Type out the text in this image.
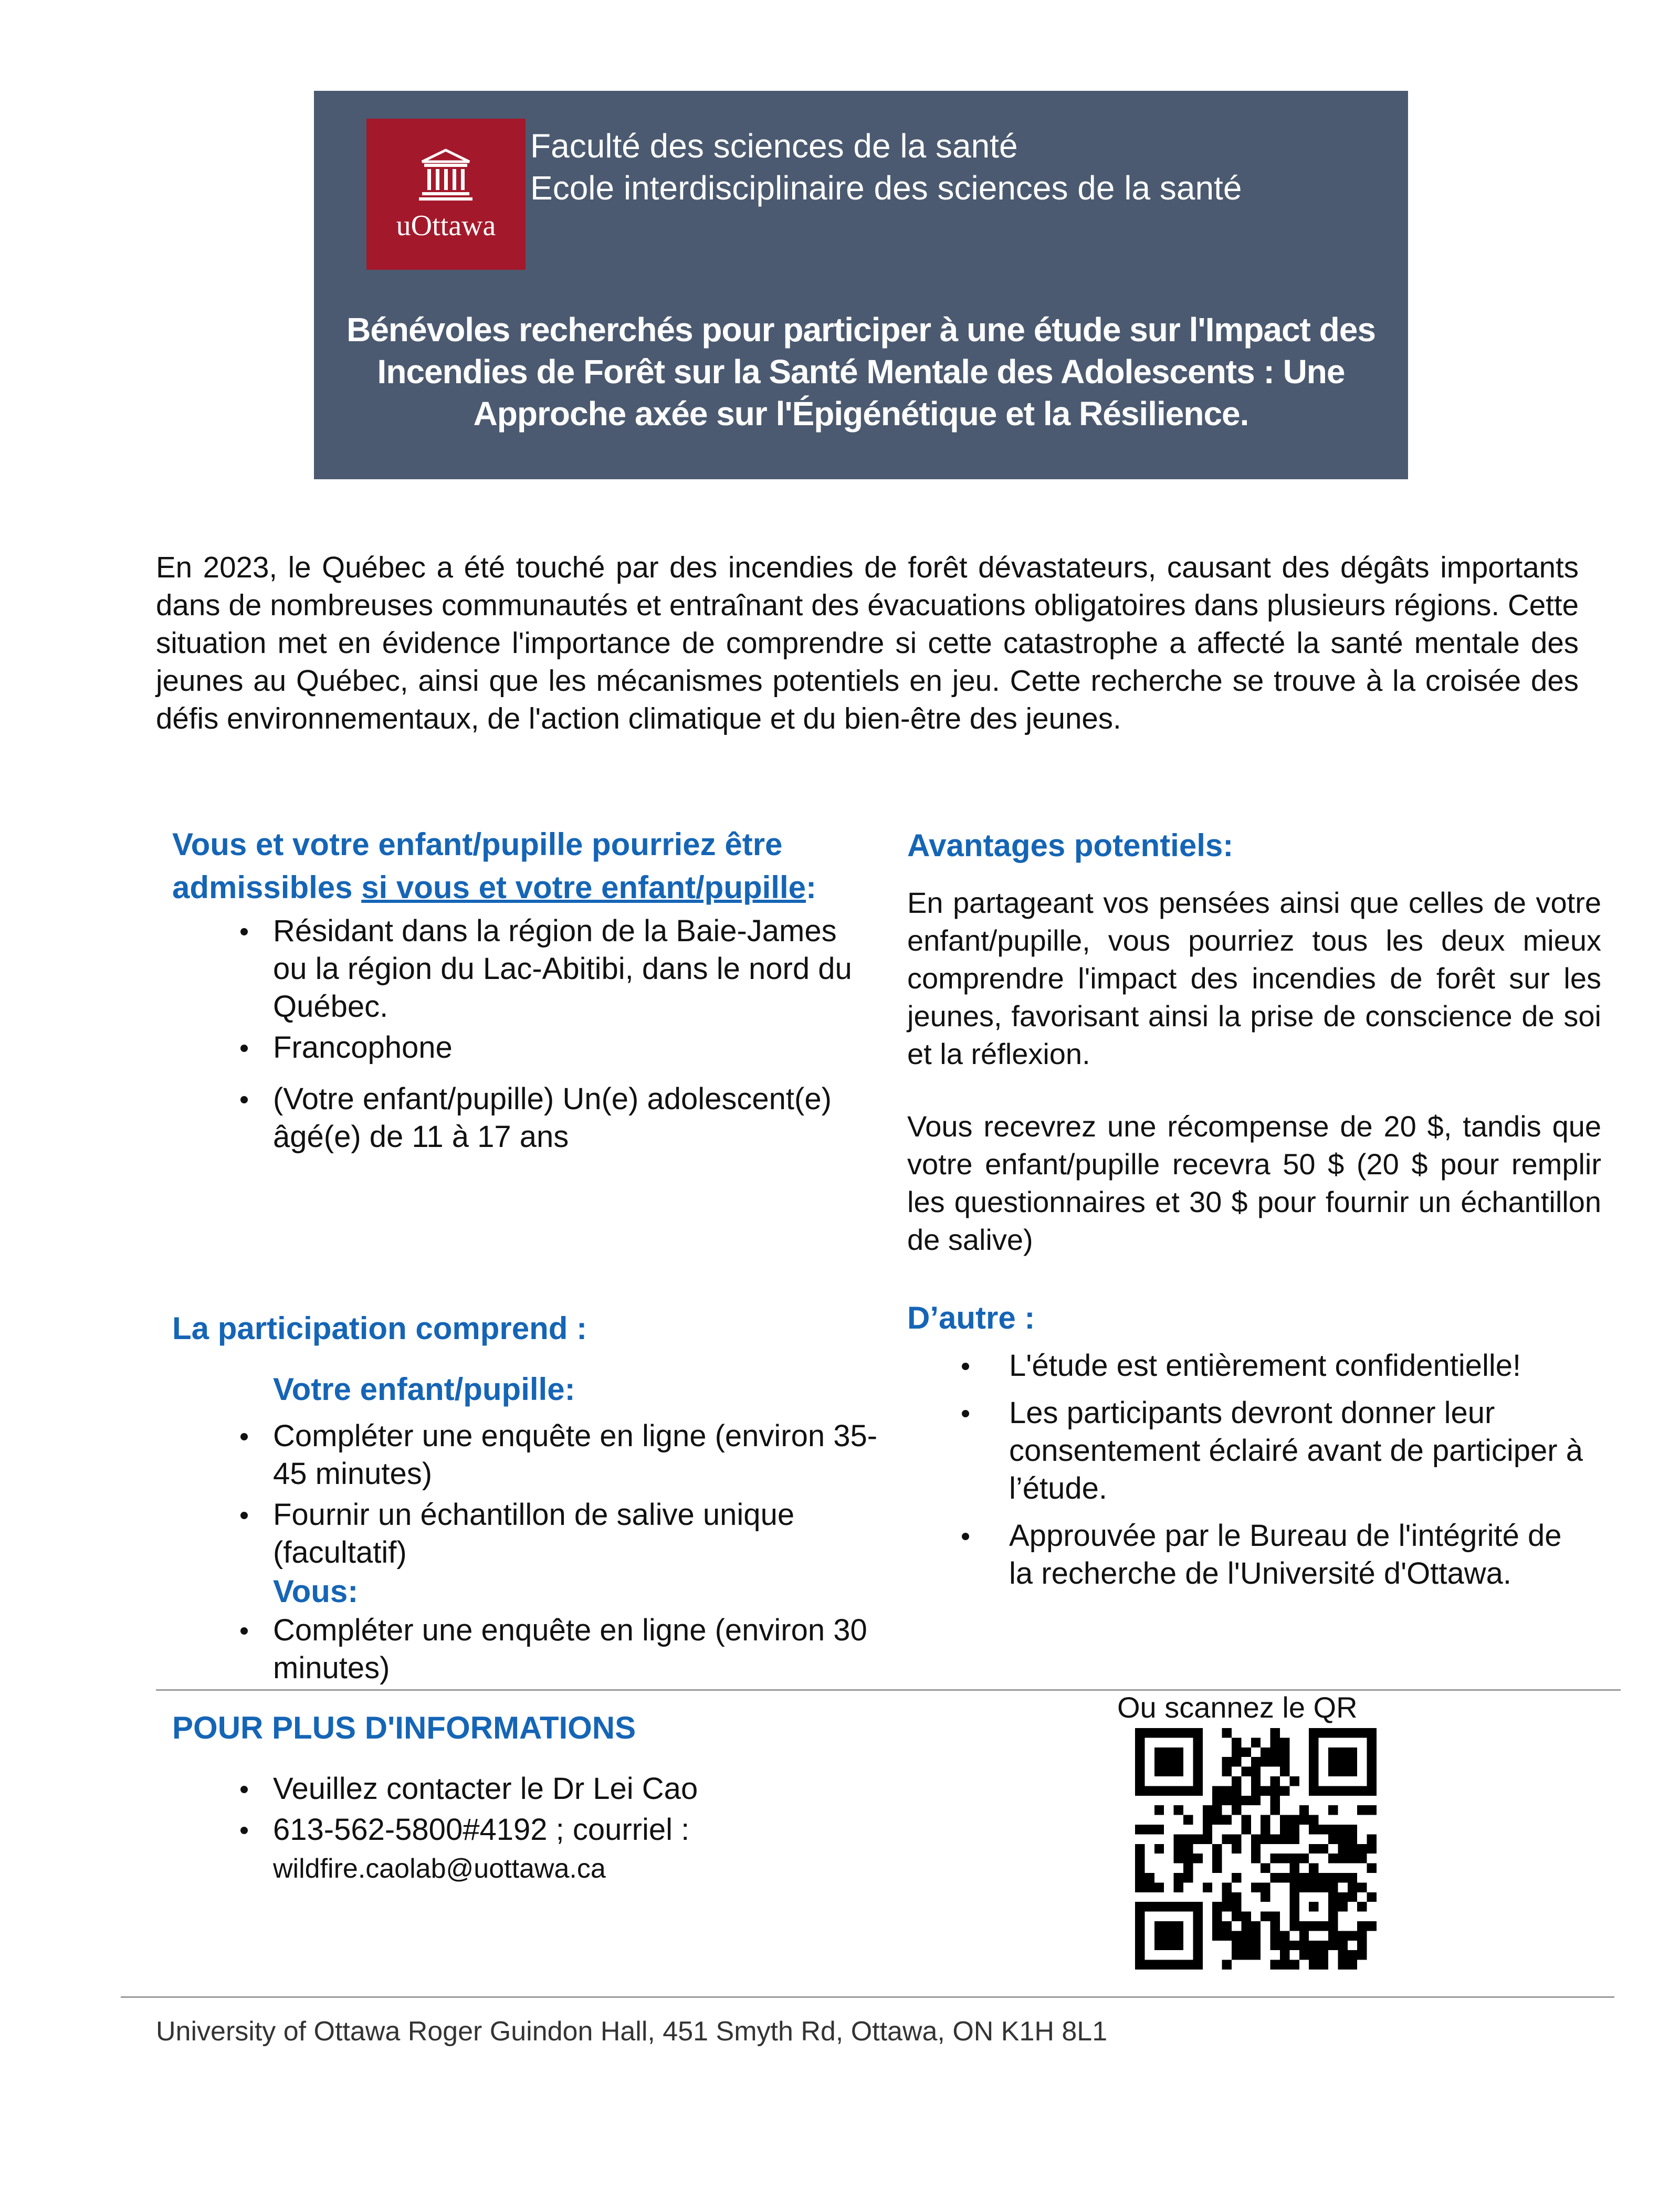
uOttawa
Faculté des sciences de la santé
Ecole interdisciplinaire des sciences de la santé
Bénévoles recherchés pour participer à une étude sur l'Impact des Incendies de Forêt sur la Santé Mentale des Adolescents : Une Approche axée sur l'Épigénétique et la Résilience.

En 2023, le Québec a été touché par des incendies de forêt dévastateurs, causant des dégâts importants dans de nombreuses communautés et entraînant des évacuations obligatoires dans plusieurs régions. Cette situation met en évidence l'importance de comprendre si cette catastrophe a affecté la santé mentale des jeunes au Québec, ainsi que les mécanismes potentiels en jeu. Cette recherche se trouve à la croisée des défis environnementaux, de l'action climatique et du bien-être des jeunes.

Vous et votre enfant/pupille pourriez être admissibles si vous et votre enfant/pupille:
Résidant dans la région de la Baie-James ou la région du Lac-Abitibi, dans le nord du Québec.
Francophone
(Votre enfant/pupille) Un(e) adolescent(e) âgé(e) de 11 à 17 ans
Avantages potentiels:

En partageant vos pensées ainsi que celles de votre enfant/pupille, vous pourriez tous les deux mieux comprendre l'impact des incendies de forêt sur les jeunes, favorisant ainsi la prise de conscience de soi et la réflexion.

Vous recevrez une récompense de 20 $, tandis que votre enfant/pupille recevra 50 $ (20 $ pour remplir les questionnaires et 30 $ pour fournir un échantillon de salive)

La participation comprend :
Votre enfant/pupille:
Compléter une enquête en ligne (environ 35-45 minutes)
Fournir un échantillon de salive unique (facultatif)
Vous:
Compléter une enquête en ligne (environ 30 minutes)
D’autre :
L'étude est entièrement confidentielle!
Les participants devront donner leur consentement éclairé avant de participer à l’étude.
Approuvée par le Bureau de l'intégrité de la recherche de l'Université d'Ottawa.
POUR PLUS D'INFORMATIONS
Veuillez contacter le Dr Lei Cao
613-562-5800#4192 ; courriel :
wildfire.caolab@uottawa.ca
Ou scannez le QR
University of Ottawa Roger Guindon Hall, 451 Smyth Rd, Ottawa, ON K1H 8L1
